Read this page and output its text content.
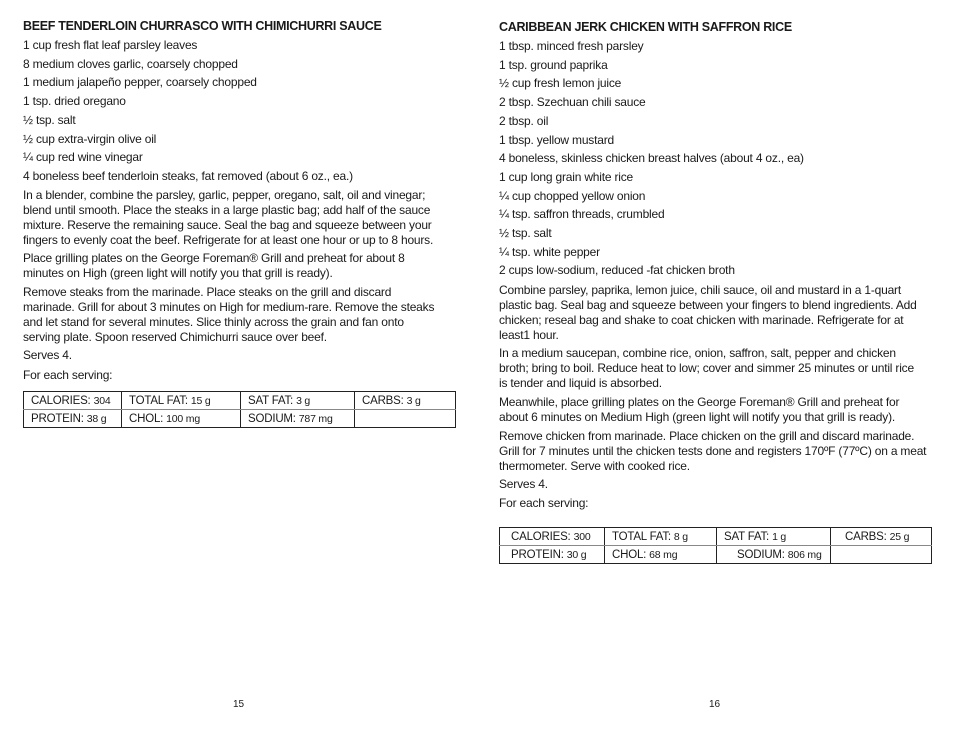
BEEF TENDERLOIN CHURRASCO WITH CHIMICHURRI SAUCE
1 cup fresh flat leaf parsley leaves
8 medium cloves garlic, coarsely chopped
1 medium jalapeño pepper, coarsely chopped
1 tsp. dried oregano
½ tsp. salt
½ cup extra-virgin olive oil
¼ cup red wine vinegar
4 boneless beef tenderloin steaks, fat removed (about 6 oz., ea.)

In a blender, combine the parsley, garlic, pepper, oregano, salt, oil and vinegar; blend until smooth. Place the steaks in a large plastic bag; add half of the sauce mixture. Reserve the remaining sauce. Seal the bag and squeeze between your fingers to evenly coat the beef. Refrigerate for at least one hour or up to 8 hours.

Place grilling plates on the George Foreman® Grill and preheat for about 8 minutes on High (green light will notify you that grill is ready).

Remove steaks from the marinade. Place steaks on the grill and discard marinade. Grill for about 3 minutes on High for medium-rare. Remove the steaks and let stand for several minutes. Slice thinly across the grain and fan onto serving plate. Spoon reserved Chimichurri sauce over beef.

Serves 4.

For each serving:

CALORIES: 304	TOTAL FAT: 15 g	SAT FAT: 3 g	CARBS: 3 g
PROTEIN: 38 g	CHOL: 100 mg	SODIUM: 787 mg	
15
CARIBBEAN JERK CHICKEN WITH SAFFRON RICE
1 tbsp. minced fresh parsley
1 tsp. ground paprika
½ cup fresh lemon juice
2 tbsp. Szechuan chili sauce
2 tbsp. oil
1 tbsp. yellow mustard
4 boneless, skinless chicken breast halves (about 4 oz., ea)
1 cup long grain white rice
¼ cup chopped yellow onion
¼ tsp. saffron threads, crumbled
½ tsp. salt
¼ tsp. white pepper
2 cups low-sodium, reduced -fat chicken broth

Combine parsley, paprika, lemon juice, chili sauce, oil and mustard in a 1-quart plastic bag. Seal bag and squeeze between your fingers to blend ingredients. Add chicken; reseal bag and shake to coat chicken with marinade. Refrigerate for at least1 hour.

In a medium saucepan, combine rice, onion, saffron, salt, pepper and chicken broth; bring to boil. Reduce heat to low; cover and simmer 25 minutes or until rice is tender and liquid is absorbed.

Meanwhile, place grilling plates on the George Foreman® Grill and preheat for about 6 minutes on Medium High (green light will notify you that grill is ready).

Remove chicken from marinade. Place chicken on the grill and discard marinade. Grill for 7 minutes until the chicken tests done and registers 170ºF (77ºC) on a meat thermometer. Serve with cooked rice.

Serves 4.

For each serving:

CALORIES: 300	TOTAL FAT: 8 g	SAT FAT: 1 g	CARBS: 25 g
PROTEIN: 30 g	CHOL: 68 mg	SODIUM: 806 mg	
16
